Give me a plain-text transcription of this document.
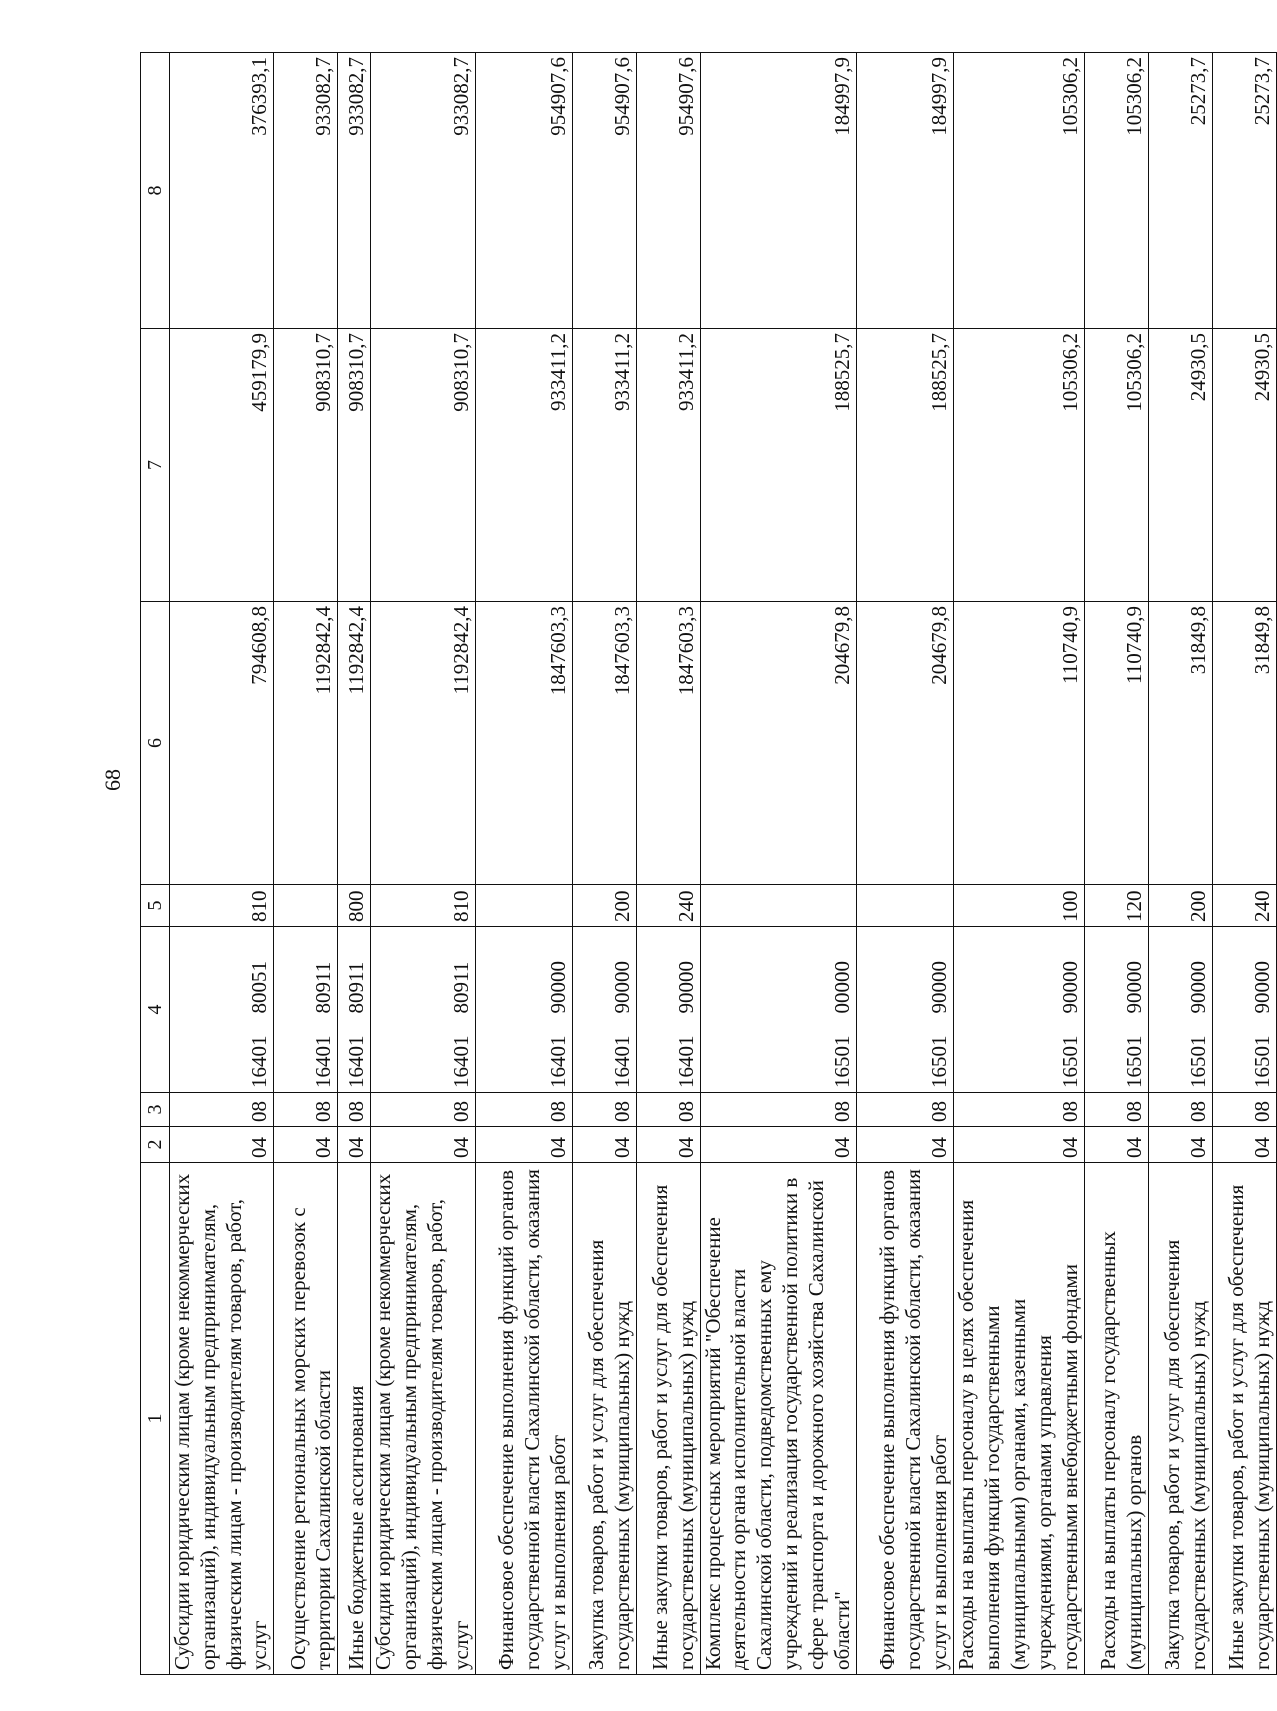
68
1	2	3	4	5	6	7	8
Субсидии юридическим лицам (кроме некоммерческих организаций), индивидуальным предпринимателям, физическим лицам - производителям товаров, работ, услуг	04	08	1640180051	810	794608,8	459179,9	376393,1
Осуществление региональных морских перевозок с территории Сахалинской области	04	08	1640180911		1192842,4	908310,7	933082,7
Иные бюджетные ассигнования	04	08	1640180911	800	1192842,4	908310,7	933082,7
Субсидии юридическим лицам (кроме некоммерческих организаций), индивидуальным предпринимателям, физическим лицам - производителям товаров, работ, услуг	04	08	1640180911	810	1192842,4	908310,7	933082,7
Финансовое обеспечение выполнения функций органов государственной власти Сахалинской области, оказания услуг и выполнения работ	04	08	1640190000		1847603,3	933411,2	954907,6
Закупка товаров, работ и услуг для обеспечения государственных (муниципальных) нужд	04	08	1640190000	200	1847603,3	933411,2	954907,6
Иные закупки товаров, работ и услуг для обеспечения государственных (муниципальных) нужд	04	08	1640190000	240	1847603,3	933411,2	954907,6
Комплекс процессных мероприятий "Обеспечение деятельности органа исполнительной власти Сахалинской области, подведомственных ему учреждений и реализация государственной политики в сфере транспорта и дорожного хозяйства Сахалинской области"	04	08	1650100000		204679,8	188525,7	184997,9
Финансовое обеспечение выполнения функций органов государственной власти Сахалинской области, оказания услуг и выполнения работ	04	08	1650190000		204679,8	188525,7	184997,9
Расходы на выплаты персоналу в целях обеспечения выполнения функций государственными (муниципальными) органами, казенными учреждениями, органами управления государственными внебюджетными фондами	04	08	1650190000	100	110740,9	105306,2	105306,2
Расходы на выплаты персоналу государственных (муниципальных) органов	04	08	1650190000	120	110740,9	105306,2	105306,2
Закупка товаров, работ и услуг для обеспечения государственных (муниципальных) нужд	04	08	1650190000	200	31849,8	24930,5	25273,7
Иные закупки товаров, работ и услуг для обеспечения государственных (муниципальных) нужд	04	08	1650190000	240	31849,8	24930,5	25273,7
